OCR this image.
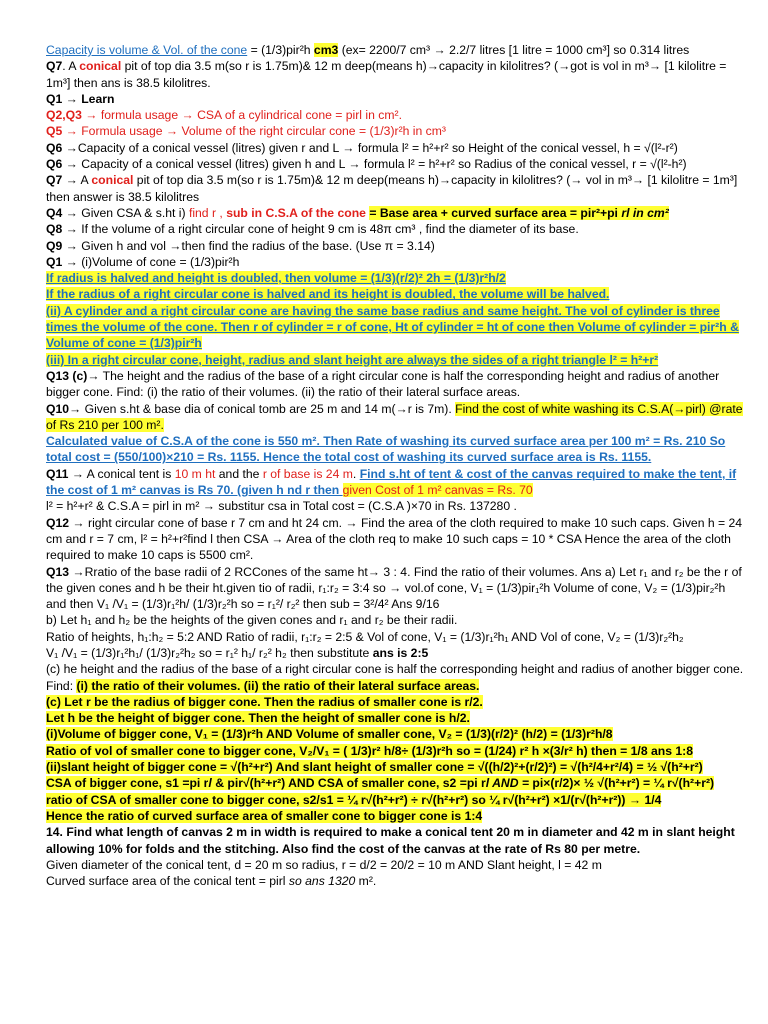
Capacity is volume & Vol. of the cone = (1/3)pir²h cm3 (ex= 2200/7 cm³ → 2.2/7 litres [1 litre = 1000 cm³] so 0.314 litres
Q7. A conical pit of top dia 3.5 m(so r is 1.75m)& 12 m deep(means h)→capacity in kilolitres? (→got is vol in m³→ [1 kilolitre = 1m³] then ans is 38.5 kilolitres.
Q1 → Learn
Q2,Q3 → formula usage → CSA of a cylindrical cone = pirl in cm².
Q5 → Formula usage → Volume of the right circular cone = (1/3)r²h in cm³
Q6 →Capacity of a conical vessel (litres) given r and L → formula l² = h²+r² so Height of the conical vessel, h = √(l²-r²)
Q6 → Capacity of a conical vessel (litres) given h and L → formula l² = h²+r² so Radius of the conical vessel, r = √(l²-h²)
Q7 → A conical pit of top dia 3.5 m(so r is 1.75m)& 12 m deep(means h)→capacity in kilolitres? (→ vol in m³→ [1 kilolitre = 1m³] then answer is 38.5 kilolitres
Q4 → Given CSA & s.ht i) find r , sub in C.S.A of the cone = Base area + curved surface area = pir²+pi rl in cm²
Q8 → If the volume of a right circular cone of height 9 cm is 48π cm³ , find the diameter of its base.
Q9 → Given h and vol →then find the radius of the base. (Use π = 3.14)
Q1 → (i)Volume of cone = (1/3)pir²h
If radius is halved and height is doubled, then volume = (1/3)(r/2)² 2h = (1/3)r²h/2
If the radius of a right circular cone is halved and its height is doubled, the volume will be halved.
(ii) A cylinder and a right circular cone are having the same base radius and same height. The vol of cylinder is three times the volume of the cone. Then r of cylinder = r of cone, Ht of cylinder = ht of cone then Volume of cylinder = pir²h & Volume of cone = (1/3)pir²h
(iii) In a right circular cone, height, radius and slant height are always the sides of a right triangle l² = h²+r²
Q13 (c)→ The height and the radius of the base of a right circular cone is half the corresponding height and radius of another bigger cone. Find: (i) the ratio of their volumes. (ii) the ratio of their lateral surface areas.
Q10→ Given s.ht & base dia of conical tomb are 25 m and 14 m(→r is 7m). Find the cost of white washing its C.S.A(→pirl) @rate of Rs 210 per 100 m².
Calculated value of C.S.A of the cone is 550 m². Then Rate of washing its curved surface area per 100 m² = Rs. 210 So total cost = (550/100)×210 = Rs. 1155. Hence the total cost of washing its curved surface area is Rs. 1155.
Q11 → A conical tent is 10 m ht and the r of base is 24 m. Find s.ht of tent & cost of the canvas required to make the tent, if the cost of 1 m² canvas is Rs 70. (given h nd r then given Cost of 1 m² canvas = Rs. 70
l² = h²+r² & C.S.A = pirl in m² → substitur csa in Total cost = (C.S.A )×70 in Rs. 137280 .
Q12 → right circular cone of base r 7 cm and ht 24 cm. → Find the area of the cloth required to make 10 such caps. Given h = 24 cm and r = 7 cm, l² = h²+r²find l then CSA → Area of the cloth req to make 10 such caps = 10 * CSA Hence the area of the cloth required to make 10 caps is 5500 cm².
Q13 →Rratio of the base radii of 2 RCCones of the same ht→ 3 : 4. Find the ratio of their volumes. Ans a) Let r₁ and r₂ be the r of the given cones and h be their ht.given tio of radii, r₁:r₂ = 3:4 so → vol.of cone, V₁ = (1/3)pir₁²h Volume of cone, V₂ = (1/3)pir₂²h and then V₁ /V₁ = (1/3)r₁²h/ (1/3)r₂²h so = r₁²/ r₂² then sub = 3²/4² Ans 9/16
b) Let h₁ and h₂ be the heights of the given cones and r₁ and r₂ be their radii.
Ratio of heights, h₁:h₂ = 5:2 AND Ratio of radii, r₁:r₂ = 2:5 & Vol of cone, V₁ = (1/3)r₁²h₁ AND Vol of cone, V₂ = (1/3)r₂²h₂
V₁ /V₁ = (1/3)r₁²h₁/ (1/3)r₂²h₂ so = r₁² h₁/ r₂² h₂ then substitute ans is 2:5
(c) he height and the radius of the base of a right circular cone is half the corresponding height and radius of another bigger cone. Find: (i) the ratio of their volumes. (ii) the ratio of their lateral surface areas.
(c) Let r be the radius of bigger cone. Then the radius of smaller cone is r/2.
Let h be the height of bigger cone. Then the height of smaller cone is h/2.
(i)Volume of bigger cone, V₁ = (1/3)r²h AND Volume of smaller cone, V₂ = (1/3)(r/2)² (h/2) = (1/3)r²h/8
Ratio of vol of smaller cone to bigger cone, V₂/V₁ = ( 1/3)r² h/8÷ (1/3)r²h so = (1/24) r² h ×(3/r² h) then = 1/8 ans 1:8
(ii)slant height of bigger cone = √(h²+r²) And slant height of smaller cone = √((h/2)²+(r/2)²) = √(h²/4+r²/4) = ½ √(h²+r²)
CSA of bigger cone, s1 =pi rl & pir√(h²+r²) AND CSA of smaller cone, s2 =pi rl AND = pi×(r/2)× ½ √(h²+r²) = ¼ r√(h²+r²)
ratio of CSA of smaller cone to bigger cone, s2/s1 = ¼ r√(h²+r²) ÷ r√(h²+r²) so ¼ r√(h²+r²) ×1/(r√(h²+r²)) → 1/4
Hence the ratio of curved surface area of smaller cone to bigger cone is 1:4
14. Find what length of canvas 2 m in width is required to make a conical tent 20 m in diameter and 42 m in slant height allowing 10% for folds and the stitching. Also find the cost of the canvas at the rate of Rs 80 per metre.
Given diameter of the conical tent, d = 20 m so radius, r = d/2 = 20/2 = 10 m AND Slant height, l = 42 m
Curved surface area of the conical tent = pirl so ans 1320 m².
